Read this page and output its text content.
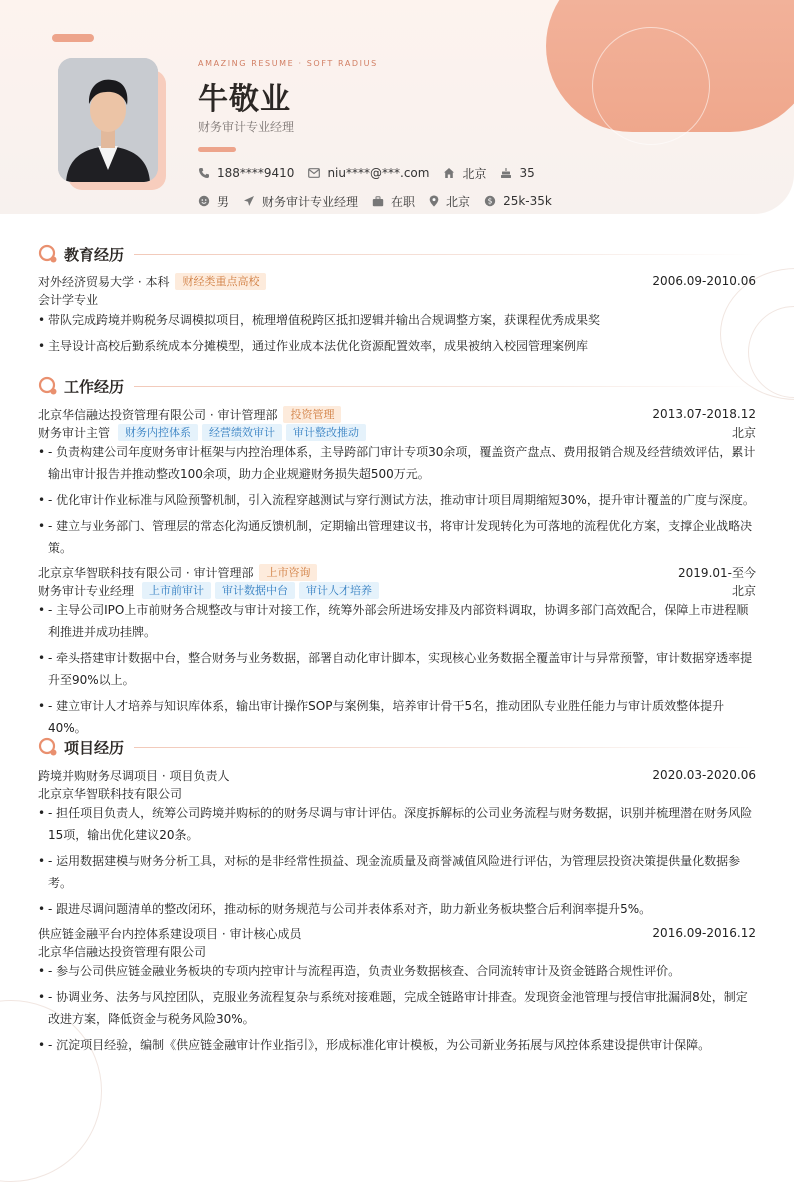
AMAZING RESUME · SOFT RADIUS
牛敬业
财务审计专业经理
188****9410	niu****@***.com	北京	35
男	财务审计专业经理	在职	北京 $ 25k-35k
教育经历
对外经济贸易大学 · 本科	财经类重点高校	2006.09-2010.06
会计学专业
• 带队完成跨境并购税务尽调模拟项目，梳理增值税跨区抵扣逻辑并输出合规调整方案，获课程优秀成果奖
• 主导设计高校后勤系统成本分摊模型，通过作业成本法优化资源配置效率，成果被纳入校园管理案例库
工作经历
北京华信融达投资管理有限公司 · 审计管理部	投资管理	2013.07-2018.12
财务审计主管	财务内控体系	经营绩效审计	审计整改推动	北京
• - 负责构建公司年度财务审计框架与内控治理体系，主导跨部门审计专项30余项，覆盖资产盘点、费用报销合规及经营绩效评估，累计
输出审计报告并推动整改100余项，助力企业规避财务损失超500万元。
• - 优化审计作业标准与风险预警机制，引入流程穿越测试与穿行测试方法，推动审计项目周期缩短30%，提升审计覆盖的广度与深度。
• - 建立与业务部门、管理层的常态化沟通反馈机制，定期输出管理建议书，将审计发现转化为可落地的流程优化方案，支撑企业战略决
策。
北京京华智联科技有限公司 · 审计管理部	上市咨询	2019.01-至今
财务审计专业经理	上市前审计	审计数据中台	审计人才培养	北京
• - 主导公司IPO上市前财务合规整改与审计对接工作，统筹外部会所进场安排及内部资料调取，协调多部门高效配合，保障上市进程顺
利推进并成功挂牌。
• - 牵头搭建审计数据中台，整合财务与业务数据，部署自动化审计脚本，实现核心业务数据全覆盖审计与异常预警，审计数据穿透率提
升至90%以上。
• - 建立审计人才培养与知识库体系，输出审计操作SOP与案例集，培养审计骨干5名，推动团队专业胜任能力与审计质效整体提升40%。
项目经历
跨境并购财务尽调项目 · 项目负责人	2020.03-2020.06
北京京华智联科技有限公司
• - 担任项目负责人，统筹公司跨境并购标的的财务尽调与审计评估。深度拆解标的公司业务流程与财务数据，识别并梳理潜在财务风险
15项，输出优化建议20条。
• - 运用数据建模与财务分析工具，对标的是非经常性损益、现金流质量及商誉减值风险进行评估，为管理层投资决策提供量化数据参
考。
• - 跟进尽调问题清单的整改闭环，推动标的财务规范与公司并表体系对齐，助力新业务板块整合后利润率提升5%。
供应链金融平台内控体系建设项目 · 审计核心成员	2016.09-2016.12
北京华信融达投资管理有限公司
• - 参与公司供应链金融业务板块的专项内控审计与流程再造，负责业务数据核查、合同流转审计及资金链路合规性评价。
• - 协调业务、法务与风控团队，克服业务流程复杂与系统对接难题，完成全链路审计排查。发现资金池管理与授信审批漏洞8处，制定
改进方案，降低资金与税务风险30%。
• - 沉淀项目经验，编制《供应链金融审计作业指引》，形成标准化审计模板，为公司新业务拓展与风控体系建设提供审计保障。
